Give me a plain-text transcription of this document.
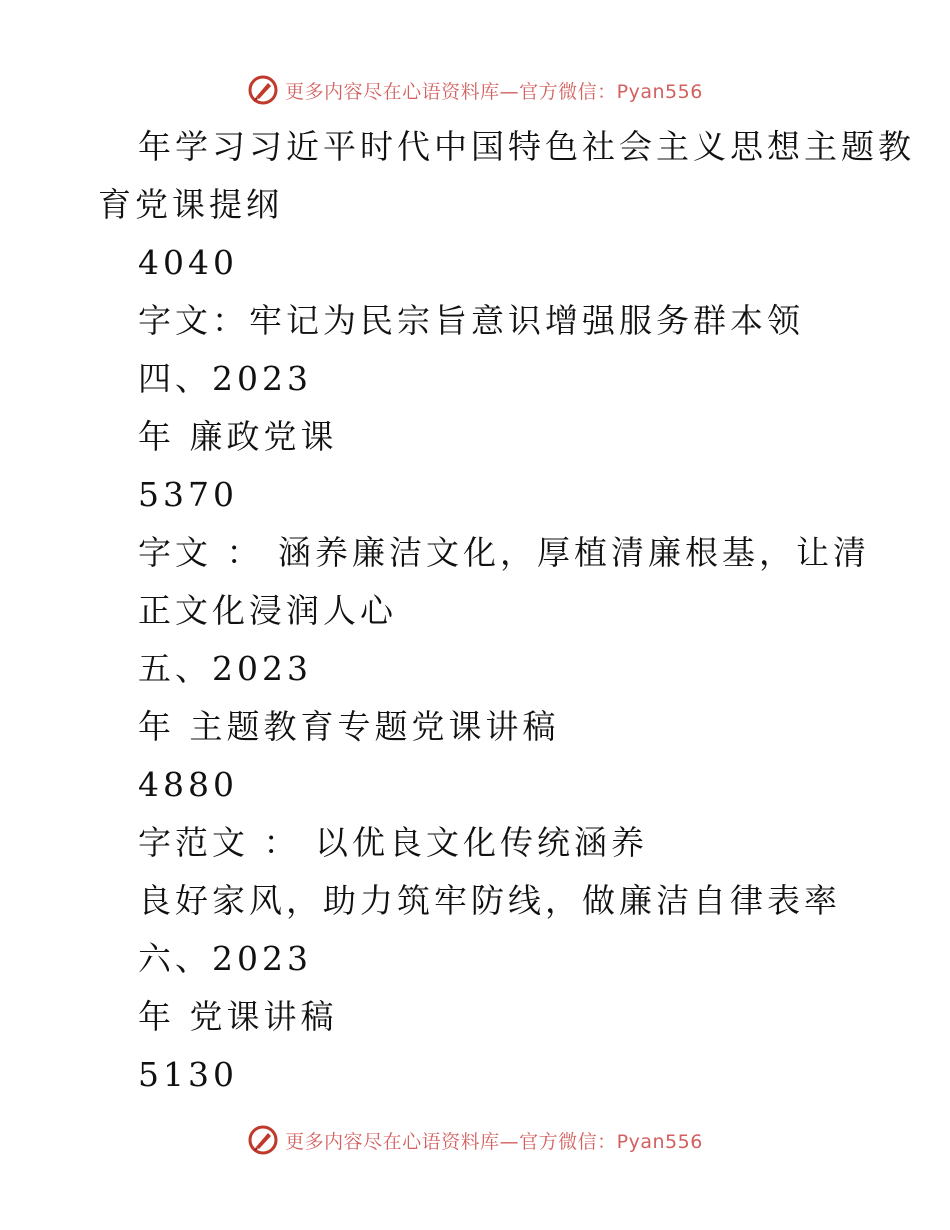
更多内容尽在心语资料库—官方微信：Pyan556
年学习习近平时代中国特色社会主义思想主题教
育党课提纲
4040
字文：牢记为民宗旨意识增强服务群本领
四、2023
年 廉政党课
5370
字文 ： 涵养廉洁文化，厚植清廉根基，让清
正文化浸润人心
五、2023
年 主题教育专题党课讲稿
4880
字范文 ： 以优良文化传统涵养
良好家风，助力筑牢防线，做廉洁自律表率
六、2023
年 党课讲稿
5130
更多内容尽在心语资料库—官方微信：Pyan556
